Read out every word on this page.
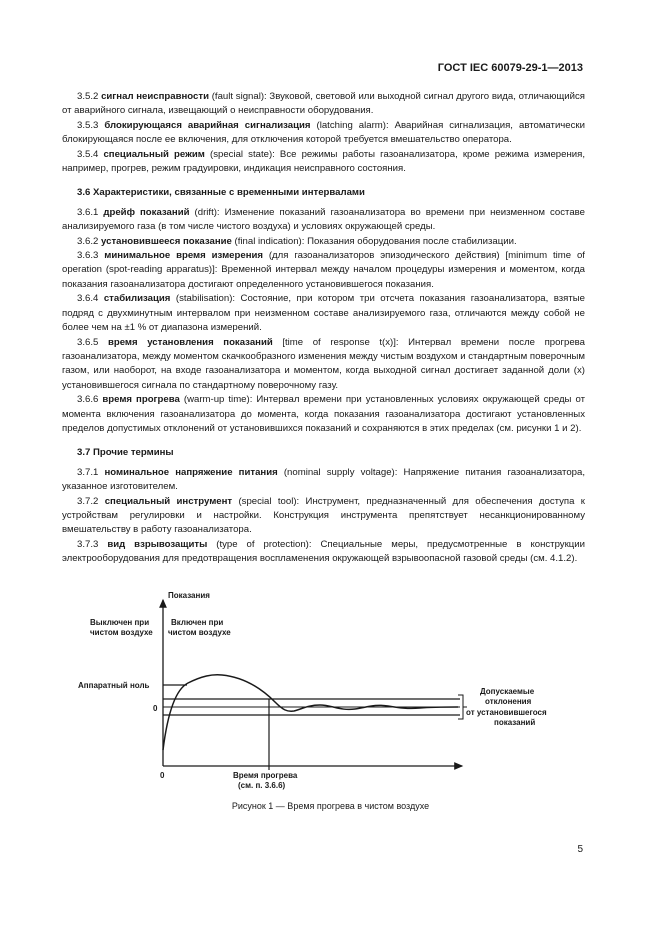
ГОСТ IEC 60079-29-1—2013

3.5.2 сигнал неисправности (fault signal): Звуковой, световой или выходной сигнал другого вида, отличающийся от аварийного сигнала, извещающий о неисправности оборудования.

3.5.3 блокирующаяся аварийная сигнализация (latching alarm): Аварийная сигнализация, автоматически блокирующаяся после ее включения, для отключения которой требуется вмешательство оператора.

3.5.4 специальный режим (special state): Все режимы работы газоанализатора, кроме режима измерения, например, прогрев, режим градуировки, индикация неисправного состояния.

3.6 Характеристики, связанные с временными интервалами

3.6.1 дрейф показаний (drift): Изменение показаний газоанализатора во времени при неизменном составе анализируемого газа (в том числе чистого воздуха) и условиях окружающей среды.

3.6.2 установившееся показание (final indication): Показания оборудования после стабилизации.

3.6.3 минимальное время измерения (для газоанализаторов эпизодического действия) [minimum time of operation (spot-reading apparatus)]: Временной интервал между началом процедуры измерения и моментом, когда показания газоанализатора достигают определенного установившегося показания.

3.6.4 стабилизация (stabilisation): Состояние, при котором три отсчета показания газоанализатора, взятые подряд с двухминутным интервалом при неизменном составе анализируемого газа, отличаются между собой не более чем на ±1 % от диапазона измерений.

3.6.5 время установления показаний [time of response t(x)]: Интервал времени после прогрева газоанализатора, между моментом скачкообразного изменения между чистым воздухом и стандартным поверочным газом, или наоборот, на входе газоанализатора и моментом, когда выходной сигнал достигает заданной доли (x) установившегося сигнала по стандартному поверочному газу.

3.6.6 время прогрева (warm-up time): Интервал времени при установленных условиях окружающей среды от момента включения газоанализатора до момента, когда показания газоанализатора достигают установленных пределов допустимых отклонений от установившихся показаний и сохраняются в этих пределах (см. рисунки 1 и 2).

3.7 Прочие термины

3.7.1 номинальное напряжение питания (nominal supply voltage): Напряжение питания газоанализатора, указанное изготовителем.

3.7.2 специальный инструмент (special tool): Инструмент, предназначенный для обеспечения доступа к устройствам регулировки и настройки. Конструкция инструмента препятствует несанкционированному вмешательству в работу газоанализатора.

3.7.3 вид взрывозащиты (type of protection): Специальные меры, предусмотренные в конструкции электрооборудования для предотвращения воспламенения окружающей взрывоопасной газовой среды (см. 4.1.2).

Показания
Выключен при
чистом воздухе
Включен при
чистом воздухе
Аппаратный ноль
0
Допускаемые
отклонения
от установившегося
показаний
0	Время прогрева
(см. п. 3.6.6)
Рисунок 1 — Время прогрева в чистом воздухе
5
